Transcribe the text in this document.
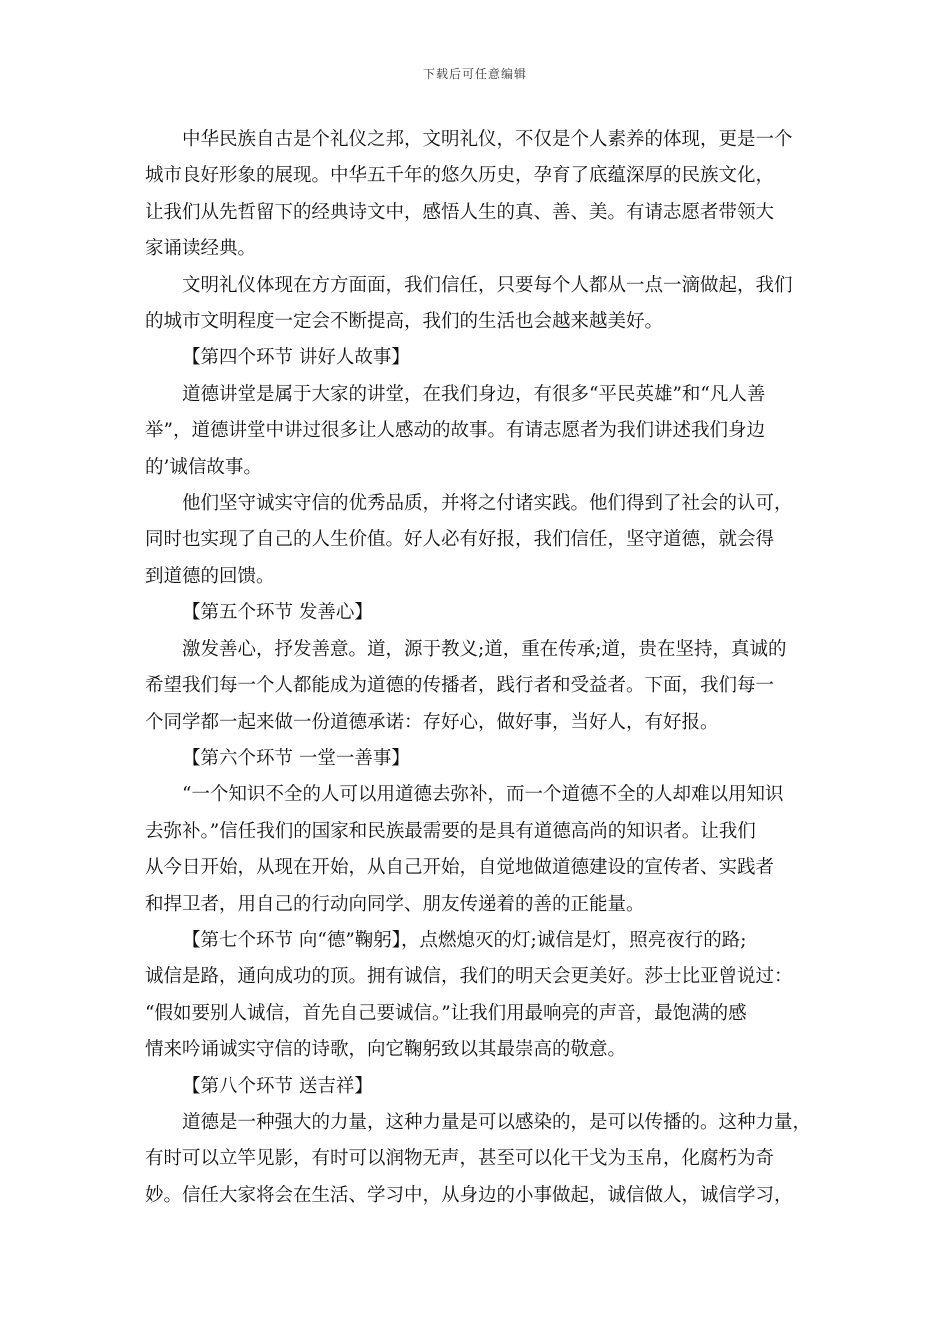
下载后可任意编辑
中华民族自古是个礼仪之邦，文明礼仪，不仅是个人素养的体现，更是一个
城市良好形象的展现。中华五千年的悠久历史，孕育了底蕴深厚的民族文化，
让我们从先哲留下的经典诗文中，感悟人生的真、善、美。有请志愿者带领大
家诵读经典。
文明礼仪体现在方方面面，我们信任，只要每个人都从一点一滴做起，我们
的城市文明程度一定会不断提高，我们的生活也会越来越美好。
【第四个环节 讲好人故事】
道德讲堂是属于大家的讲堂，在我们身边，有很多“平民英雄”和“凡人善
举”，道德讲堂中讲过很多让人感动的故事。有请志愿者为我们讲述我们身边
的’诚信故事。
他们坚守诚实守信的优秀品质，并将之付诸实践。他们得到了社会的认可，
同时也实现了自己的人生价值。好人必有好报，我们信任，坚守道德，就会得
到道德的回馈。
【第五个环节 发善心】
激发善心，抒发善意。道，源于教义;道，重在传承;道，贵在坚持，真诚的
希望我们每一个人都能成为道德的传播者，践行者和受益者。下面，我们每一
个同学都一起来做一份道德承诺：存好心，做好事，当好人，有好报。
【第六个环节 一堂一善事】
“一个知识不全的人可以用道德去弥补，而一个道德不全的人却难以用知识
去弥补。”信任我们的国家和民族最需要的是具有道德高尚的知识者。让我们
从今日开始，从现在开始，从自己开始，自觉地做道德建设的宣传者、实践者
和捍卫者，用自己的行动向同学、朋友传递着的善的正能量。
【第七个环节 向“德”鞠躬】，点燃熄灭的灯;诚信是灯，照亮夜行的路;
诚信是路，通向成功的顶。拥有诚信，我们的明天会更美好。莎士比亚曾说过：
“假如要别人诚信，首先自己要诚信。”让我们用最响亮的声音，最饱满的感
情来吟诵诚实守信的诗歌，向它鞠躬致以其最崇高的敬意。
【第八个环节 送吉祥】
道德是一种强大的力量，这种力量是可以感染的，是可以传播的。这种力量，
有时可以立竿见影，有时可以润物无声，甚至可以化干戈为玉帛，化腐朽为奇
妙。信任大家将会在生活、学习中，从身边的小事做起，诚信做人，诚信学习，
